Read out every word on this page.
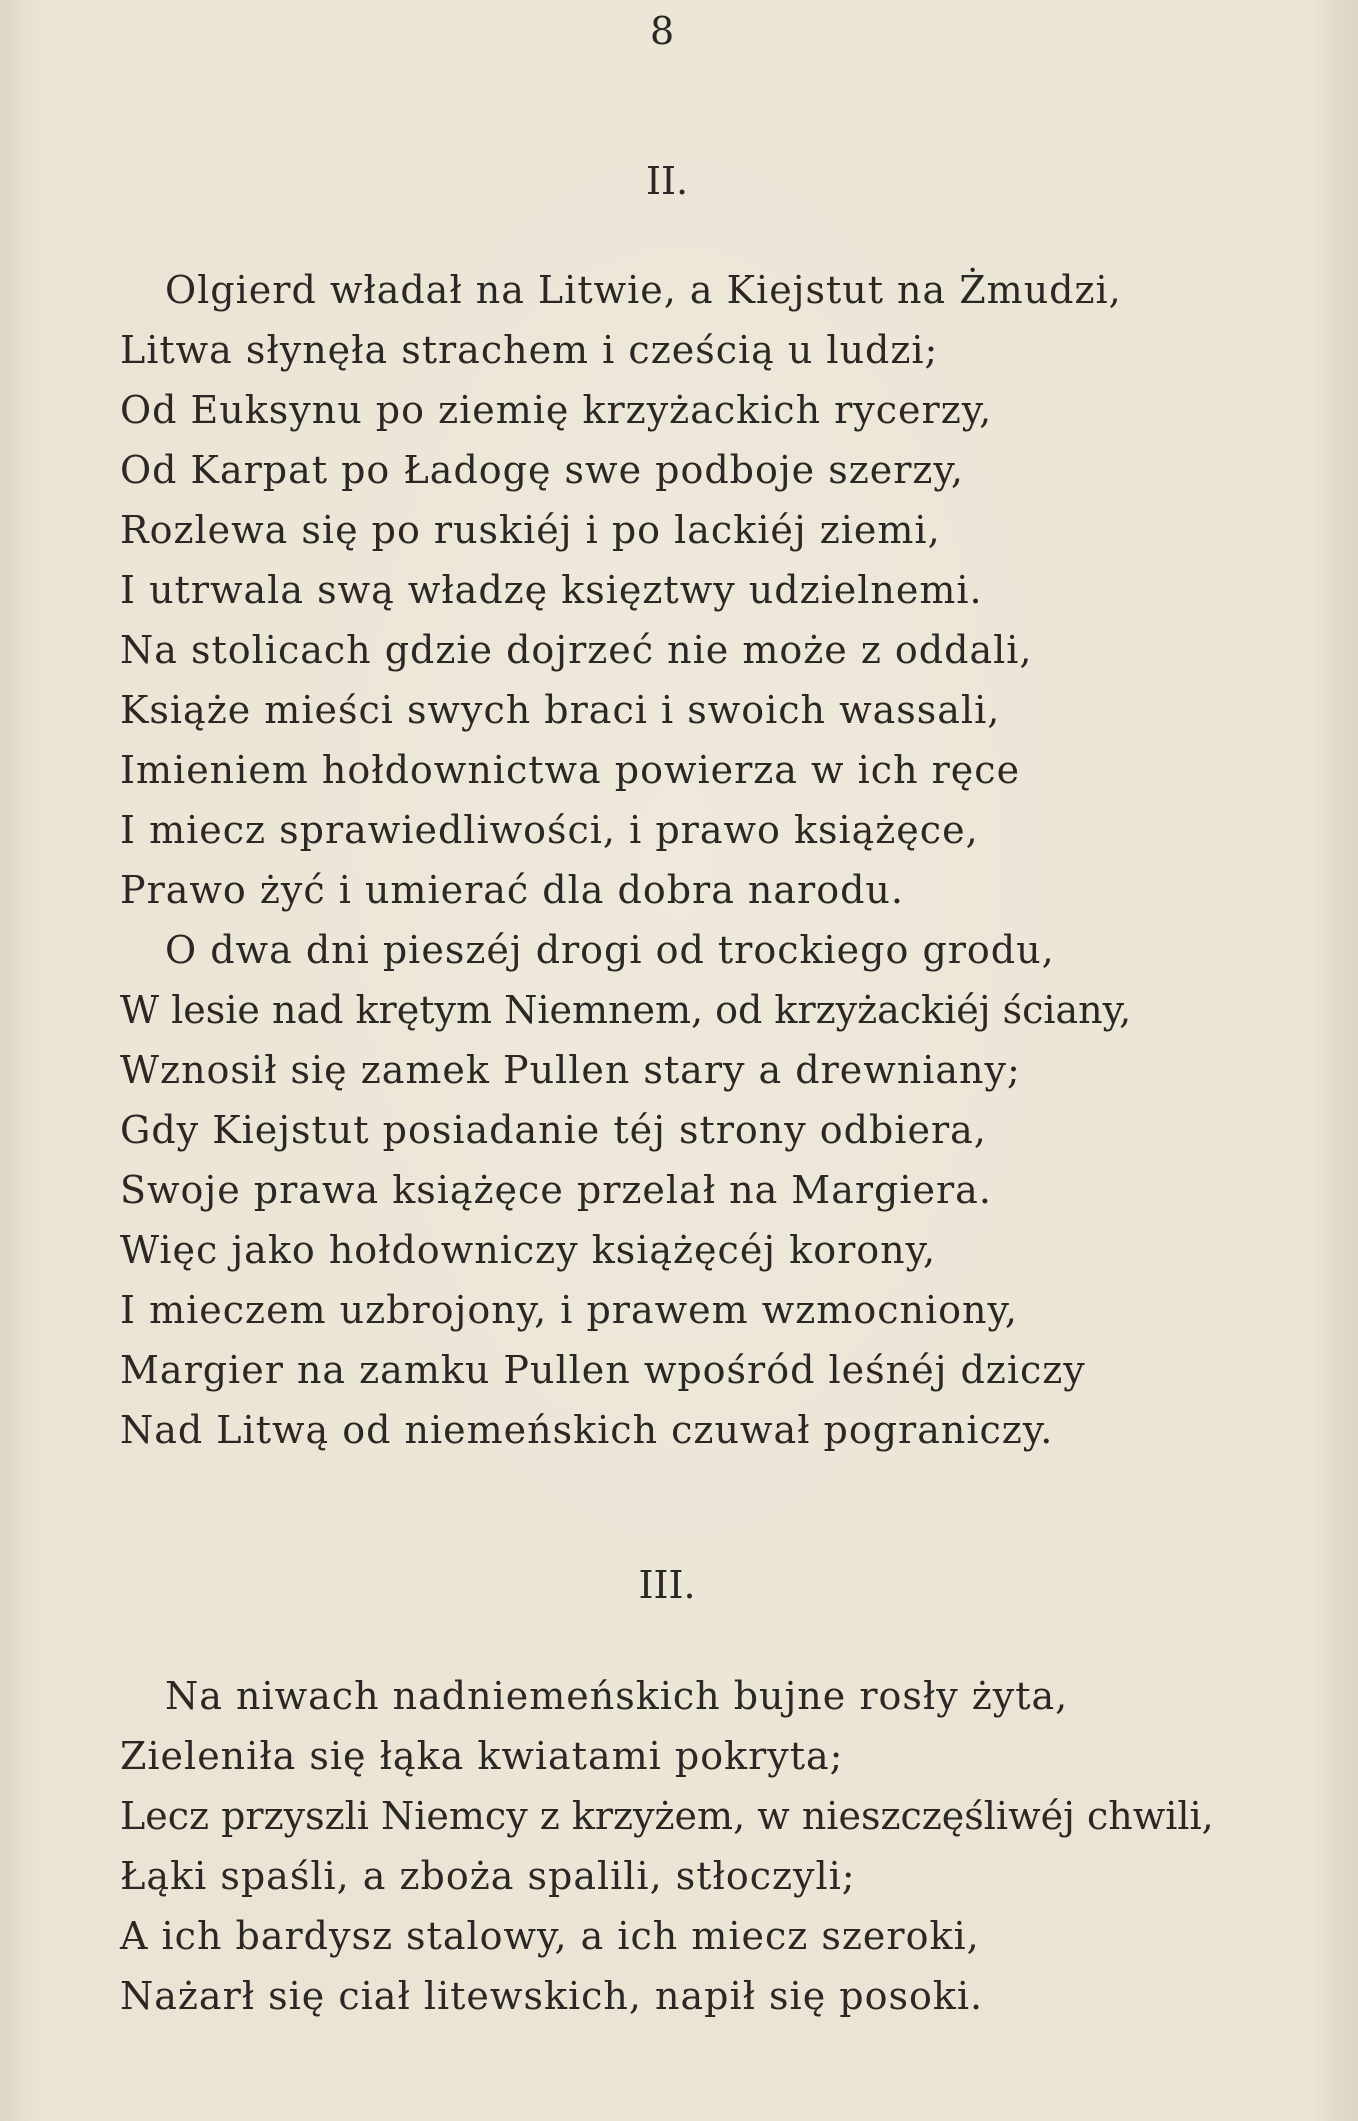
8
II.
Olgierd władał na Litwie, a Kiejstut na Żmudzi,
Litwa słynęła strachem i cześcią u ludzi;
Od Euksynu po ziemię krzyżackich rycerzy,
Od Karpat po Ładogę swe podboje szerzy,
Rozlewa się po ruskiéj i po lackiéj ziemi,
I utrwala swą władzę księztwy udzielnemi.
Na stolicach gdzie dojrzeć nie może z oddali,
Książe mieści swych braci i swoich wassali,
Imieniem hołdownictwa powierza w ich ręce
I miecz sprawiedliwości, i prawo książęce,
Prawo żyć i umierać dla dobra narodu.
O dwa dni pieszéj drogi od trockiego grodu,
W lesie nad krętym Niemnem, od krzyżackiéj ściany,
Wznosił się zamek Pullen stary a drewniany;
Gdy Kiejstut posiadanie téj strony odbiera,
Swoje prawa książęce przelał na Margiera.
Więc jako hołdowniczy książęcéj korony,
I mieczem uzbrojony, i prawem wzmocniony,
Margier na zamku Pullen wpośród leśnéj dziczy
Nad Litwą od niemeńskich czuwał pograniczy.
III.
Na niwach nadniemeńskich bujne rosły żyta,
Zieleniła się łąka kwiatami pokryta;
Lecz przyszli Niemcy z krzyżem, w nieszczęśliwéj chwili,
Łąki spaśli, a zboża spalili, stłoczyli;
A ich bardysz stalowy, a ich miecz szeroki,
Nażarł się ciał litewskich, napił się posoki.
